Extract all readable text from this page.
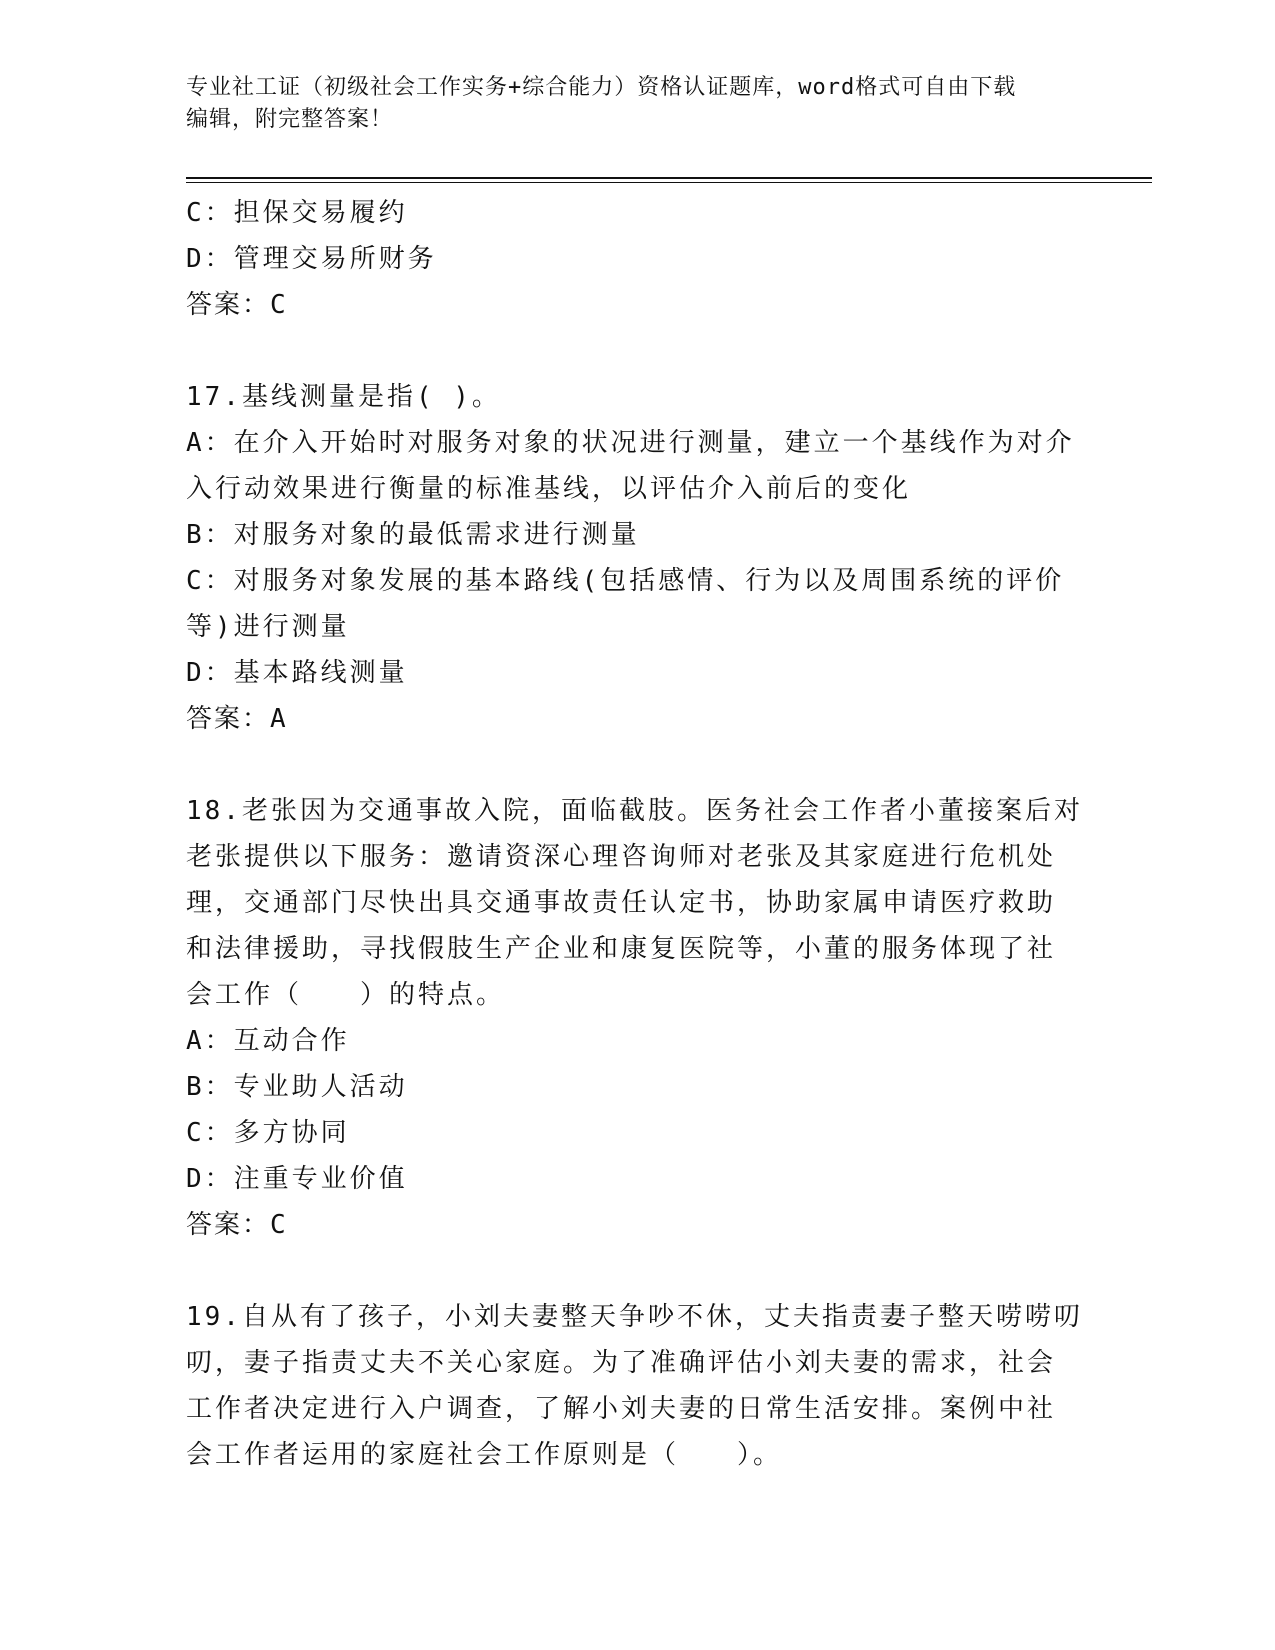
专业社工证（初级社会工作实务+综合能力）资格认证题库，word格式可自由下载
编辑，附完整答案！
C：担保交易履约
D：管理交易所财务
答案：C
17.基线测量是指( )。
A：在介入开始时对服务对象的状况进行测量，建立一个基线作为对介
入行动效果进行衡量的标准基线，以评估介入前后的变化
B：对服务对象的最低需求进行测量
C：对服务对象发展的基本路线(包括感情、行为以及周围系统的评价
等)进行测量
D：基本路线测量
答案：A
18.老张因为交通事故入院，面临截肢。医务社会工作者小董接案后对
老张提供以下服务：邀请资深心理咨询师对老张及其家庭进行危机处
理，交通部门尽快出具交通事故责任认定书，协助家属申请医疗救助
和法律援助，寻找假肢生产企业和康复医院等，小董的服务体现了社
会工作（　　）的特点。
A：互动合作
B：专业助人活动
C：多方协同
D：注重专业价值
答案：C
19.自从有了孩子，小刘夫妻整天争吵不休，丈夫指责妻子整天唠唠叨
叨，妻子指责丈夫不关心家庭。为了准确评估小刘夫妻的需求，社会
工作者决定进行入户调查，了解小刘夫妻的日常生活安排。案例中社
会工作者运用的家庭社会工作原则是（　　）。
